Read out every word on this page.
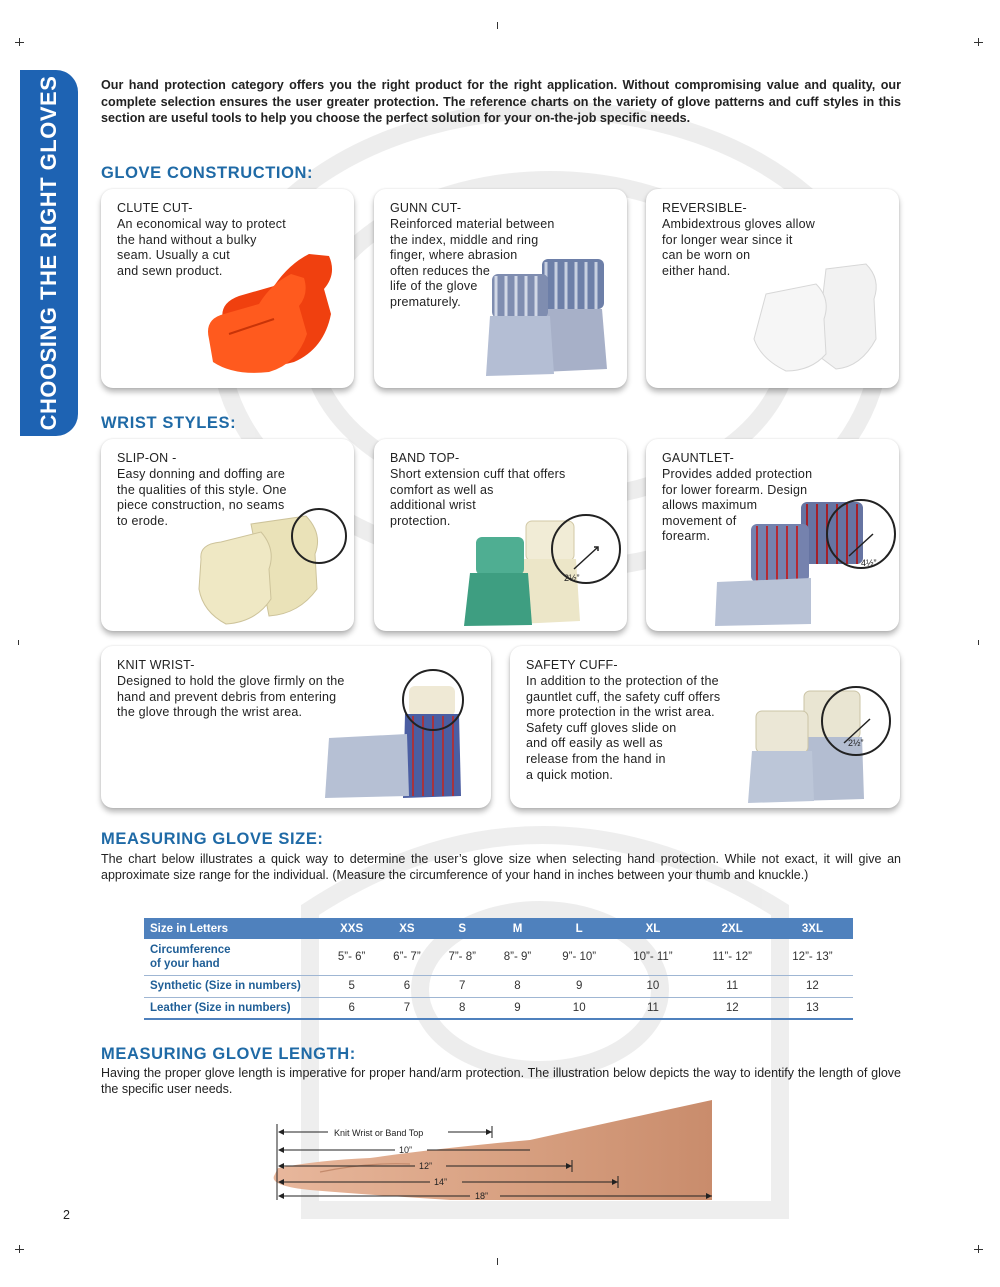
CHOOSING THE RIGHT GLOVES	Our hand protection category offers you the right product for the right application. Without compromising value and quality, our complete selection ensures the user greater protection. The reference charts on the variety of glove patterns and cuff styles in this section are useful tools to help you choose the perfect solution for your on-the-job specific needs.

GLOVE CONSTRUCTION:
CLUTE CUT-
An economical way to protect
the hand without a bulky
seam. Usually a cut
and sewn product.
GUNN CUT-
Reinforced material between
the index, middle and ring
finger, where abrasion
often reduces the
life of the glove
prematurely.
REVERSIBLE-
Ambidextrous gloves allow
for longer wear since it
can be worn on
either hand.
WRIST STYLES:
SLIP-ON -
Easy donning and doffing are
the qualities of this style. One
piece construction, no seams
to erode.
BAND TOP-
Short extension cuff that offers
comfort as well as
additional wrist
protection.
2½”
GAUNTLET-
Provides added protection
for lower forearm. Design
allows maximum
movement of
forearm.
4½”
KNIT WRIST-
Designed to hold the glove firmly on the
hand and prevent debris from entering
the glove through the wrist area.
SAFETY CUFF-
In addition to the protection of the
gauntlet cuff, the safety cuff offers
more protection in the wrist area.
Safety cuff gloves slide on
and off easily as well as
release from the hand in
a quick motion.
2½”
MEASURING GLOVE SIZE:

The chart below illustrates a quick way to determine the user’s glove size when selecting hand protection. While not exact, it will give an approximate size range for the individual. (Measure the circumference of your hand in inches between your thumb and knuckle.)

Size in Letters	XXS	XS	S	M	L	XL	2XL	3XL
Circumference
of your hand	5”- 6”	6”- 7”	7”- 8”	8”- 9”	9”- 10”	10”- 11”	11”- 12”	12”- 13”
Synthetic (Size in numbers)	5	6	7	8	9	10	11	12
Leather (Size in numbers)	6	7	8	9	10	11	12	13
MEASURING GLOVE LENGTH:

Having the proper glove length is imperative for proper hand/arm protection. The illustration below depicts the way to identify the length of glove the specific user needs.

Knit Wrist or Band Top
10”
12”
14”
18”
2
